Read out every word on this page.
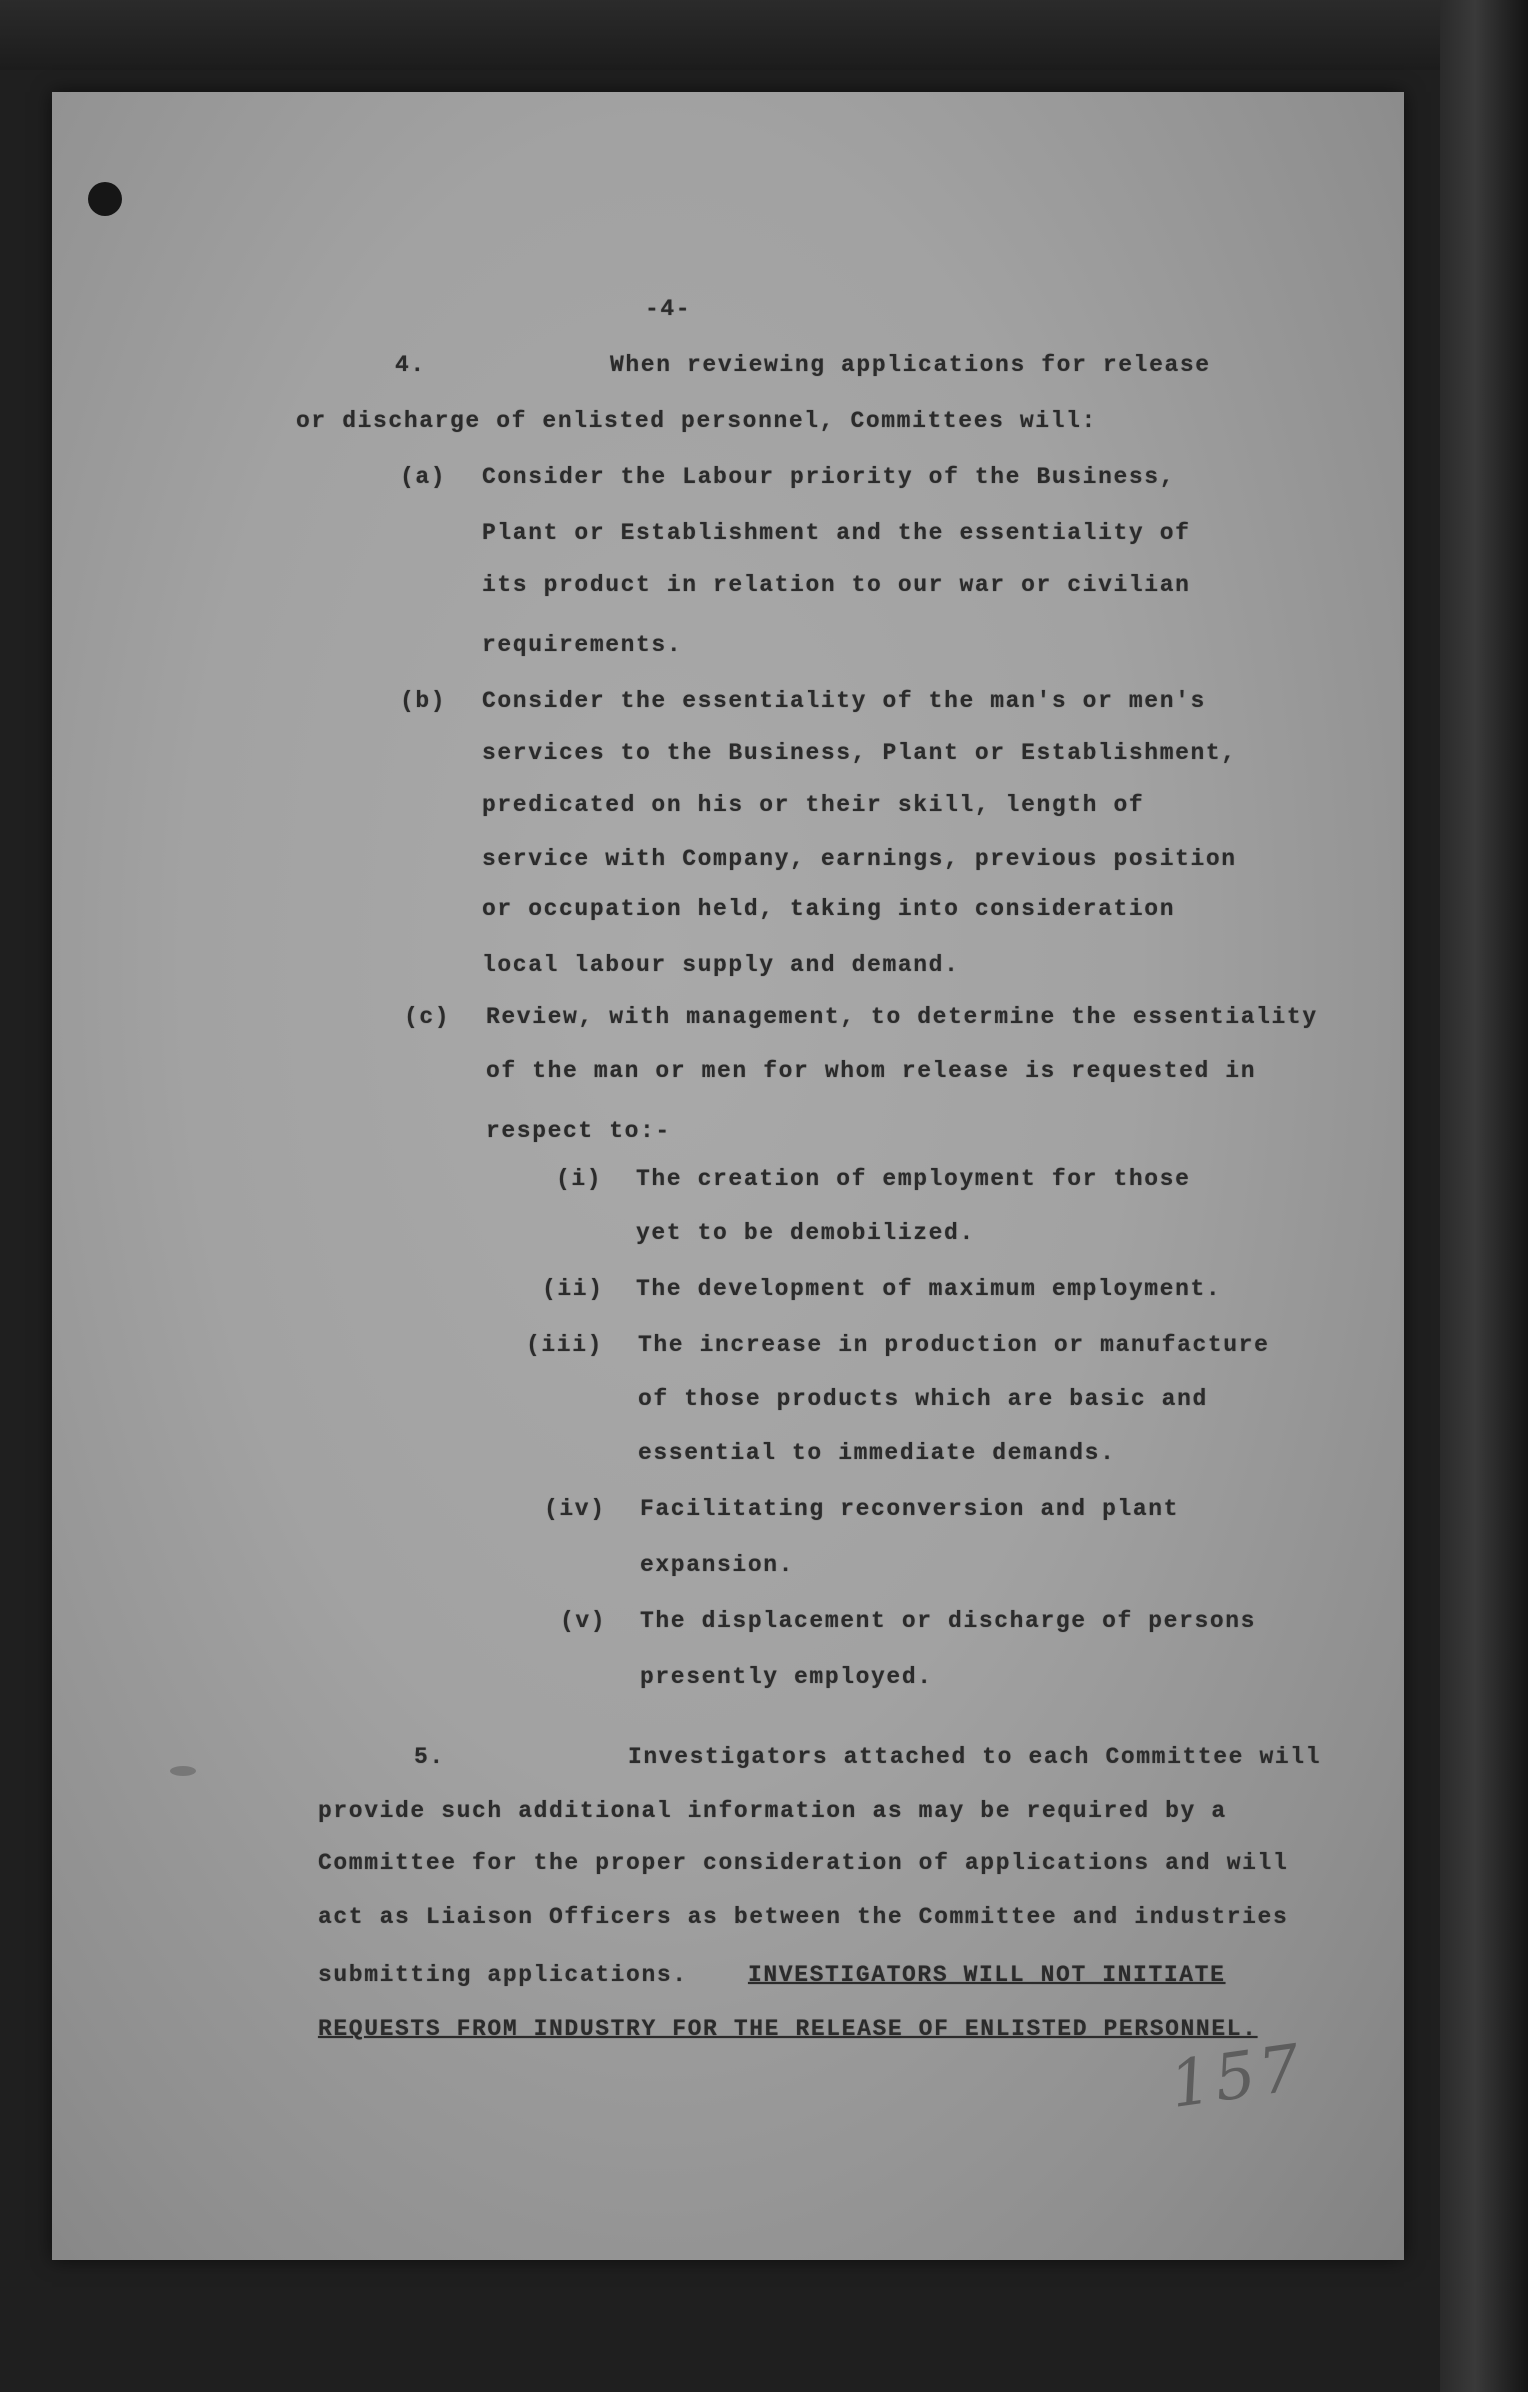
-4-
4.	When reviewing applications for release
or discharge of enlisted personnel, Committees will:
(a) Consider the Labour priority of the Business,
Plant or Establishment and the essentiality of
its product in relation to our war or civilian
requirements.
(b) Consider the essentiality of the man's or men's
services to the Business, Plant or Establishment,
predicated on his or their skill, length of
service with Company, earnings, previous position
or occupation held, taking into consideration
local labour supply and demand.
(c) Review, with management, to determine the essentiality
of the man or men for whom release is requested in
respect to:-
(i) The creation of employment for those
yet to be demobilized.
(ii) The development of maximum employment.
(iii) The increase in production or manufacture
of those products which are basic and
essential to immediate demands.
(iv) Facilitating reconversion and plant
expansion.
(v) The displacement or discharge of persons
presently employed.
5.	Investigators attached to each Committee will
provide such additional information as may be required by a
Committee for the proper consideration of applications and will
act as Liaison Officers as between the Committee and industries
submitting applications.	INVESTIGATORS WILL NOT INITIATE
REQUESTS FROM INDUSTRY FOR THE RELEASE OF ENLISTED PERSONNEL.
157
